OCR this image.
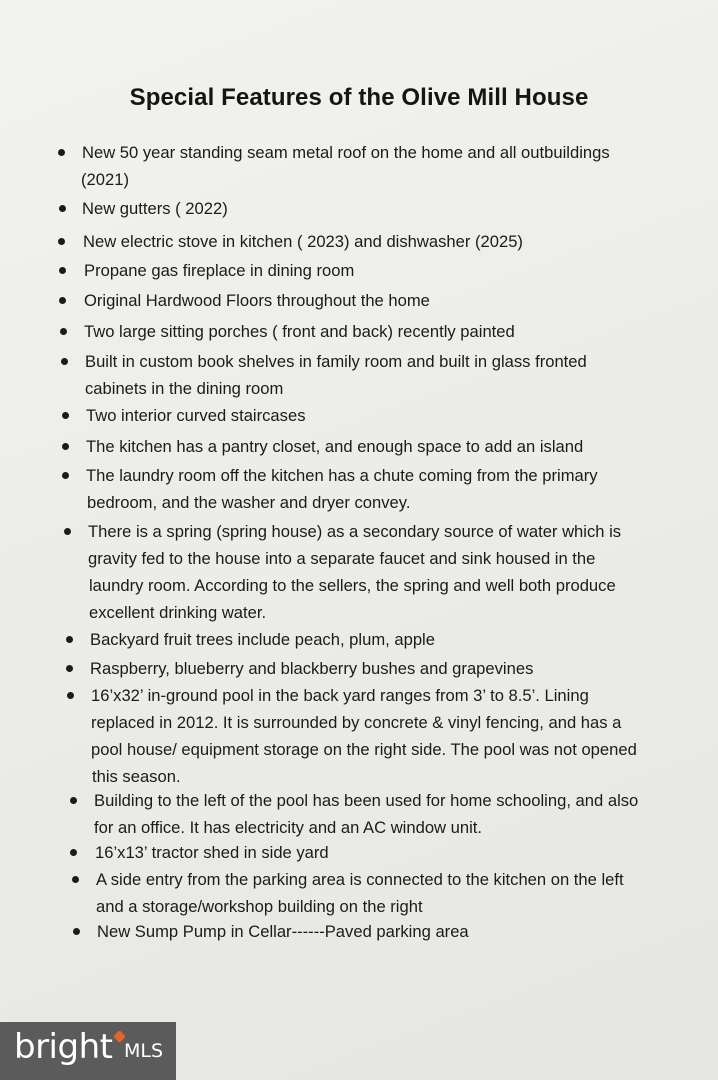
Special Features of the Olive Mill House
New 50 year standing seam metal roof on the home and all outbuildings
(2021)
New gutters ( 2022)
New electric stove in kitchen ( 2023) and dishwasher (2025)
Propane gas fireplace in dining room
Original Hardwood Floors throughout the home
Two large sitting porches ( front and back) recently painted
Built in custom book shelves in family room and built in glass fronted
cabinets in the dining room
Two interior curved staircases
The kitchen has a pantry closet, and enough space to add an island
The laundry room off the kitchen has a chute coming from the primary
bedroom, and the washer and dryer convey.
There is a spring (spring house) as a secondary source of water which is
gravity fed to the house into a separate faucet and sink housed in the
laundry room. According to the sellers, the spring and well both produce
excellent drinking water.
Backyard fruit trees include peach, plum, apple
Raspberry, blueberry and blackberry bushes and grapevines
16’x32’ in-ground pool in the back yard ranges from 3’ to 8.5’. Lining
replaced in 2012. It is surrounded by concrete & vinyl fencing, and has a
pool house/ equipment storage on the right side. The pool was not opened
this season.
Building to the left of the pool has been used for home schooling, and also
for an office. It has electricity and an AC window unit.
16’x13’ tractor shed in side yard
A side entry from the parking area is connected to the kitchen on the left
and a storage/workshop building on the right
New Sump Pump in Cellar------Paved parking area
bright MLS
